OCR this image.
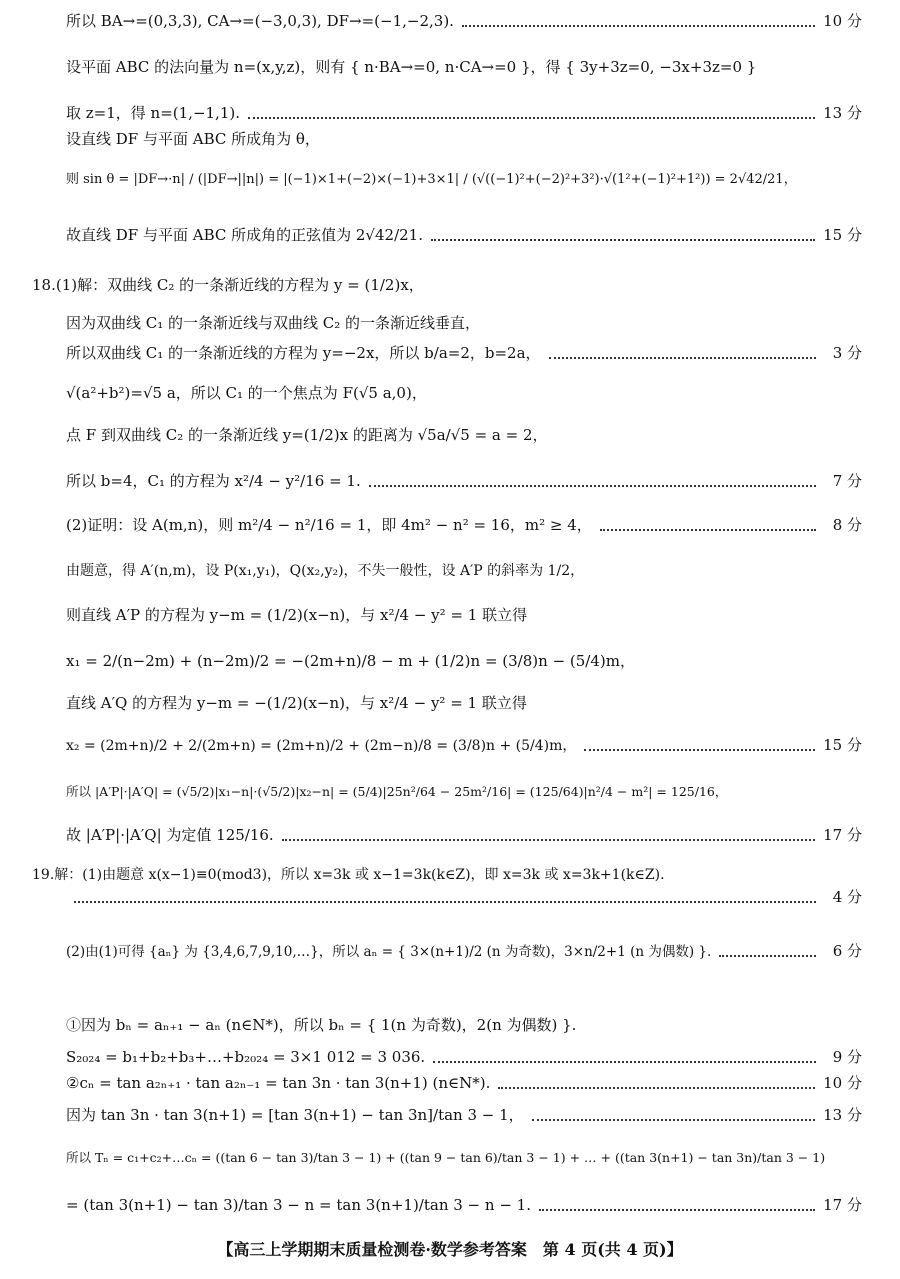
所以 BA→=(0,3,3), CA→=(−3,0,3), DF→=(−1,−2,3).	10 分
设平面 ABC 的法向量为 n=(x,y,z)，则有 { n·BA→=0, n·CA→=0 }，得 { 3y+3z=0, −3x+3z=0 }
取 z=1，得 n=(1,−1,1).	13 分
设直线 DF 与平面 ABC 所成角为 θ，
则 sin θ = |DF→·n| / (|DF→||n|) = |(−1)×1+(−2)×(−1)+3×1| / (√((−1)²+(−2)²+3²)·√(1²+(−1)²+1²)) = 2√42/21，
故直线 DF 与平面 ABC 所成角的正弦值为 2√42/21.	15 分
18.(1)解：双曲线 C₂ 的一条渐近线的方程为 y = (1/2)x，
因为双曲线 C₁ 的一条渐近线与双曲线 C₂ 的一条渐近线垂直，
所以双曲线 C₁ 的一条渐近线的方程为 y=−2x，所以 b/a=2，b=2a，	3 分
√(a²+b²)=√5 a，所以 C₁ 的一个焦点为 F(√5 a,0)，
点 F 到双曲线 C₂ 的一条渐近线 y=(1/2)x 的距离为 √5a/√5 = a = 2，
所以 b=4，C₁ 的方程为 x²/4 − y²/16 = 1.	7 分
(2)证明：设 A(m,n)，则 m²/4 − n²/16 = 1，即 4m² − n² = 16，m² ≥ 4，	8 分
由题意，得 A′(n,m)，设 P(x₁,y₁)，Q(x₂,y₂)，不失一般性，设 A′P 的斜率为 1/2，
则直线 A′P 的方程为 y−m = (1/2)(x−n)，与 x²/4 − y² = 1 联立得
x₁ = 2/(n−2m) + (n−2m)/2 = −(2m+n)/8 − m + (1/2)n = (3/8)n − (5/4)m，
直线 A′Q 的方程为 y−m = −(1/2)(x−n)，与 x²/4 − y² = 1 联立得
x₂ = (2m+n)/2 + 2/(2m+n) = (2m+n)/2 + (2m−n)/8 = (3/8)n + (5/4)m，	15 分
所以 |A′P|·|A′Q| = (√5/2)|x₁−n|·(√5/2)|x₂−n| = (5/4)|25n²/64 − 25m²/16| = (125/64)|n²/4 − m²| = 125/16，
故 |A′P|·|A′Q| 为定值 125/16.	17 分
19.解：(1)由题意 x(x−1)≡0(mod3)，所以 x=3k 或 x−1=3k(k∈Z)，即 x=3k 或 x=3k+1(k∈Z).
4 分
(2)由(1)可得 {aₙ} 为 {3,4,6,7,9,10,…}，所以 aₙ = { 3×(n+1)/2 (n 为奇数)，3×n/2+1 (n 为偶数) }.	6 分
①因为 bₙ = aₙ₊₁ − aₙ (n∈N*)，所以 bₙ = { 1(n 为奇数)，2(n 为偶数) }.
S₂₀₂₄ = b₁+b₂+b₃+…+b₂₀₂₄ = 3×1 012 = 3 036.	9 分
②cₙ = tan a₂ₙ₊₁ · tan a₂ₙ₋₁ = tan 3n · tan 3(n+1) (n∈N*).	10 分
因为 tan 3n · tan 3(n+1) = [tan 3(n+1) − tan 3n]/tan 3 − 1，	13 分
所以 Tₙ = c₁+c₂+…cₙ = ((tan 6 − tan 3)/tan 3 − 1) + ((tan 9 − tan 6)/tan 3 − 1) + … + ((tan 3(n+1) − tan 3n)/tan 3 − 1)
= (tan 3(n+1) − tan 3)/tan 3 − n = tan 3(n+1)/tan 3 − n − 1.	17 分
【高三上学期期末质量检测卷·数学参考答案　第 4 页(共 4 页)】
